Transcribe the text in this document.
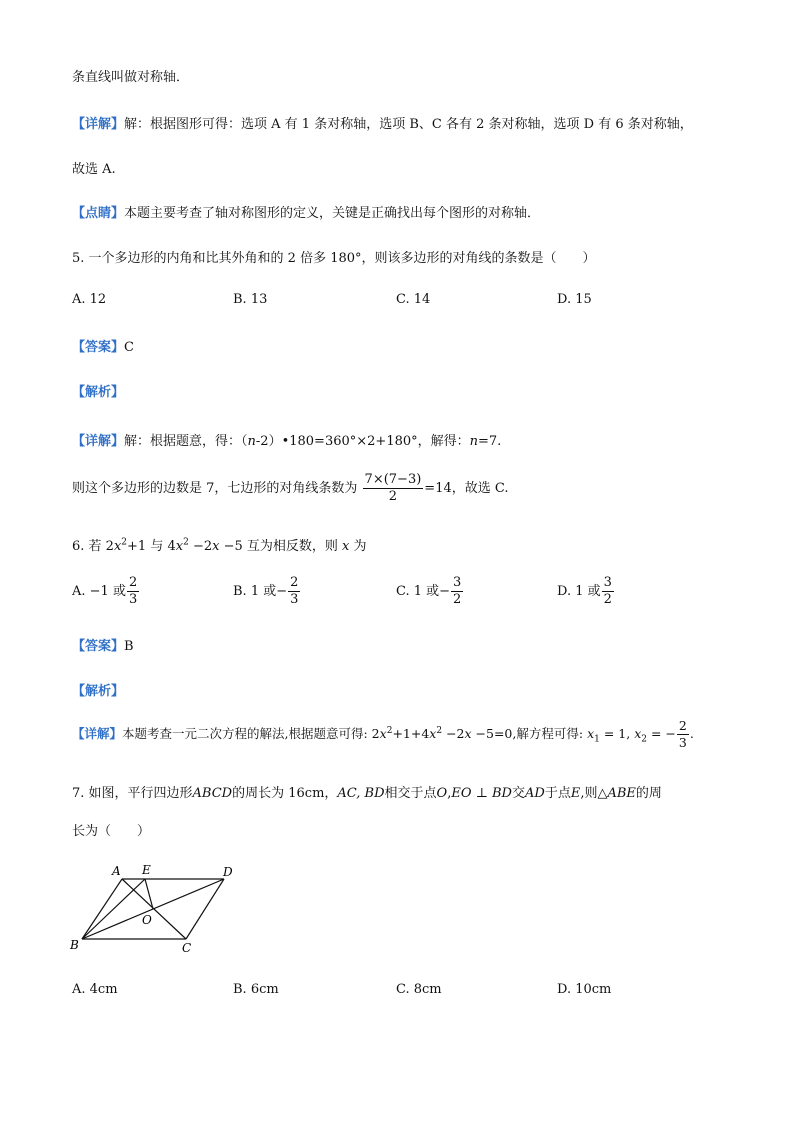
条直线叫做对称轴．
【详解】解：根据图形可得：选项 A 有 1 条对称轴，选项 B、C 各有 2 条对称轴，选项 D 有 6 条对称轴，
故选 A.
【点睛】本题主要考查了轴对称图形的定义，关键是正确找出每个图形的对称轴．
5. 一个多边形的内角和比其外角和的 2 倍多 180°，则该多边形的对角线的条数是（　　）
A. 12	B. 13	C. 14	D. 15
【答案】C
【解析】
【详解】解：根据题意，得：（n-2）•180=360°×2+180°，解得：n=7.
则这个多边形的边数是 7，七边形的对角线条数为 $\frac{7\times(7-3)}{2} =14$，故选 C.
6. 若 $2x^2+1$ 与 $4x^2 -2x -5$ 互为相反数，则 x 为
A. −1 或 $\frac{2}{3}$	B. 1 或− $\frac{2}{3}$	C. 1 或− $\frac{3}{2}$	D. 1 或 $\frac{3}{2}$
【答案】B
【解析】
【详解】本题考查一元二次方程的解法,根据题意可得: $2x^2+1+4x^2 -2x -5=0$,解方程可得: $x_1 = 1$, $x_2$ = − $\frac{2}{3}$ .
7. 如图，平行四边形ABCD的周长为 16cm，AC, BD相交于点O,EO ⊥ BD交AD于点E,则△ABE的周
长为（　　）
A E	D
O
B	C
A. 4cm	B. 6cm	C. 8cm	D. 10cm
